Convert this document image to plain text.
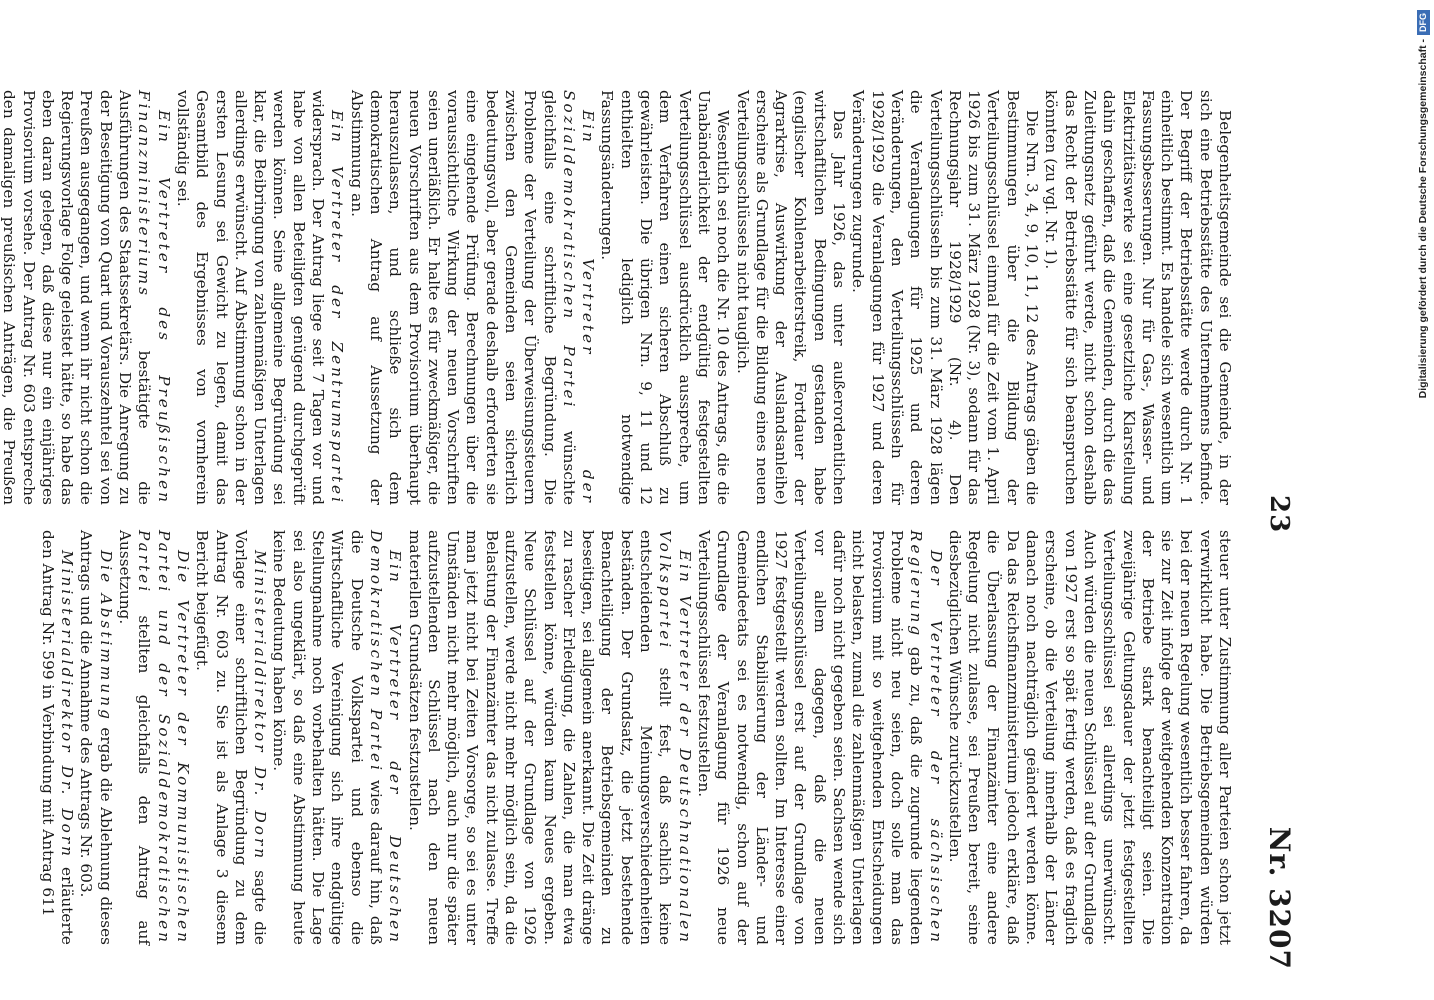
23
Nr. 3207

Belegenheitsgemeinde sei die Gemeinde, in der sich eine Betriebsstätte des Unternehmens befinde. Der Begriff der Betriebsstätte werde durch Nr. 1 einheitlich bestimmt. Es handele sich wesentlich um Fassungsbesserungen. Nur für Gas-, Wasser- und Elektrizitätswerke sei eine gesetzliche Klarstellung dahin geschaffen, daß die Gemeinden, durch die das Zuleitungsnetz geführt werde, nicht schon deshalb das Recht der Betriebsstätte für sich beanspruchen könnten (zu vgl. Nr. 1).

Die Nrn. 3, 4, 9, 10, 11, 12 des Antrags gäben die Bestimmungen über die Bildung der Verteilungsschlüssel einmal für die Zeit vom 1. April 1926 bis zum 31. März 1928 (Nr. 3), sodann für das Rechnungsjahr 1928/1929 (Nr. 4). Den Verteilungsschlüsseln bis zum 31. März 1928 lägen die Veranlagungen für 1925 und deren Veränderungen, den Verteilungsschlüsseln für 1928/1929 die Veranlagungen für 1927 und deren Veränderungen zugrunde.

Das Jahr 1926, das unter außerordentlichen wirtschaftlichen Bedingungen gestanden habe (englischer Kohlenarbeiterstreik, Fortdauer der Agrarkrise, Auswirkung der Auslandsanleihe) erscheine als Grundlage für die Bildung eines neuen Verteilungsschlüssels nicht tauglich.

Wesentlich sei noch die Nr. 10 des Antrags, die die Unabänderlichkeit der endgültig festgestellten Verteilungsschlüssel ausdrücklich ausspreche, um dem Verfahren einen sicheren Abschluß zu gewährleisten. Die übrigen Nrn. 9, 11 und 12 enthielten lediglich notwendige Fassungsänderungen.

Ein Vertreter der Sozialdemokratischen Partei wünschte gleichfalls eine schriftliche Begründung. Die Probleme der Verteilung der Überweisungssteuern zwischen den Gemeinden seien sicherlich bedeutungsvoll, aber gerade deshalb erforderten sie eine eingehende Prüfung. Berechnungen über die voraussichtliche Wirkung der neuen Vorschriften seien unerläßlich. Er halte es für zweckmäßiger, die neuen Vorschriften aus dem Provisorium überhaupt herauszulassen, und schließe sich dem demokratischen Antrag auf Aussetzung der Abstimmung an.

Ein Vertreter der Zentrumspartei widersprach. Der Antrag liege seit 7 Tagen vor und habe von allen Beteiligten genügend durchgeprüft werden können. Seine allgemeine Begründung sei klar, die Beibringung von zahlenmäßigen Unterlagen allerdings erwünscht. Auf Abstimmung schon in der ersten Lesung sei Gewicht zu legen, damit das Gesamtbild des Ergebnisses von vornherein vollständig sei.

Ein Vertreter des Preußischen Finanzministeriums bestätigte die Ausführungen des Staatssekretärs. Die Anregung zu der Beseitigung von Quart und Vorauszehntel sei von Preußen ausgegangen, und wenn ihr nicht schon die Regierungsvorlage Folge geleistet hätte, so habe das eben daran gelegen, daß diese nur ein einjähriges Provisorium vorsehe. Der Antrag Nr. 603 entspreche den damaligen preußischen Anträgen, die Preußen

steuer unter Zustimmung aller Parteien schon jetzt verwirklicht habe. Die Betriebsgemeinden würden bei der neuen Regelung wesentlich besser fahren, da sie zur Zeit infolge der weitgehenden Konzentration der Betriebe stark benachteiligt seien. Die zweijährige Geltungsdauer der jetzt festgestellten Verteilungsschlüssel sei allerdings unerwünscht. Auch würden die neuen Schlüssel auf der Grundlage von 1927 erst so spät fertig werden, daß es fraglich erscheine, ob die Verteilung innerhalb der Länder danach noch nachträglich geändert werden könne. Da das Reichsfinanzministerium jedoch erkläre, daß die Überlassung der Finanzämter eine andere Regelung nicht zulasse, sei Preußen bereit, seine diesbezüglichen Wünsche zurückzustellen.

Der Vertreter der sächsischen Regierung gab zu, daß die zugrunde liegenden Probleme nicht neu seien, doch solle man das Provisorium mit so weitgehenden Entscheidungen nicht belasten, zumal die zahlenmäßigen Unterlagen dafür noch nicht gegeben seien. Sachsen wende sich vor allem dagegen, daß die neuen Verteilungsschlüssel erst auf der Grundlage von 1927 festgestellt werden sollten. Im Interesse einer endlichen Stabilisierung der Länder- und Gemeindeetats sei es notwendig, schon auf der Grundlage der Veranlagung für 1926 neue Verteilungsschlüssel festzustellen.

Ein Vertreter der Deutschnationalen Volkspartei stellt fest, daß sachlich keine entscheidenden Meinungsverschiedenheiten beständen. Der Grundsatz, die jetzt bestehende Benachteiligung der Betriebsgemeinden zu beseitigen, sei allgemein anerkannt. Die Zeit dränge zu rascher Erledigung, die Zahlen, die man etwa feststellen könne, würden kaum Neues ergeben. Neue Schlüssel auf der Grundlage von 1926 aufzustellen, werde nicht mehr möglich sein, da die Belastung der Finanzämter das nicht zulasse. Treffe man jetzt nicht bei Zeiten Vorsorge, so sei es unter Umständen nicht mehr möglich, auch nur die später aufzustellenden Schlüssel nach den neuen materiellen Grundsätzen festzustellen.

Ein Vertreter der Deutschen Demokratischen Partei wies darauf hin, daß die Deutsche Volkspartei und ebenso die Wirtschaftliche Vereinigung sich ihre endgültige Stellungnahme noch vorbehalten hätten. Die Lage sei also ungeklärt, so daß eine Abstimmung heute keine Bedeutung haben könne.

Ministerialdirektor Dr. Dorn sagte die Vorlage einer schriftlichen Begründung zu dem Antrag Nr. 603 zu. Sie ist als Anlage 3 diesem Bericht beigefügt.

Die Vertreter der Kommunistischen Partei und der Sozialdemokratischen Partei stellten gleichfalls den Antrag auf Aussetzung.

Die Abstimmung ergab die Ablehnung dieses Antrags und die Annahme des Antrags Nr. 603.

Ministerialdirektor Dr. Dorn erläuterte den Antrag Nr. 599 in Verbindung mit Antrag 611

Digitalisierung gefördert durch die Deutsche Forschungsgemeinschaft -DFG
